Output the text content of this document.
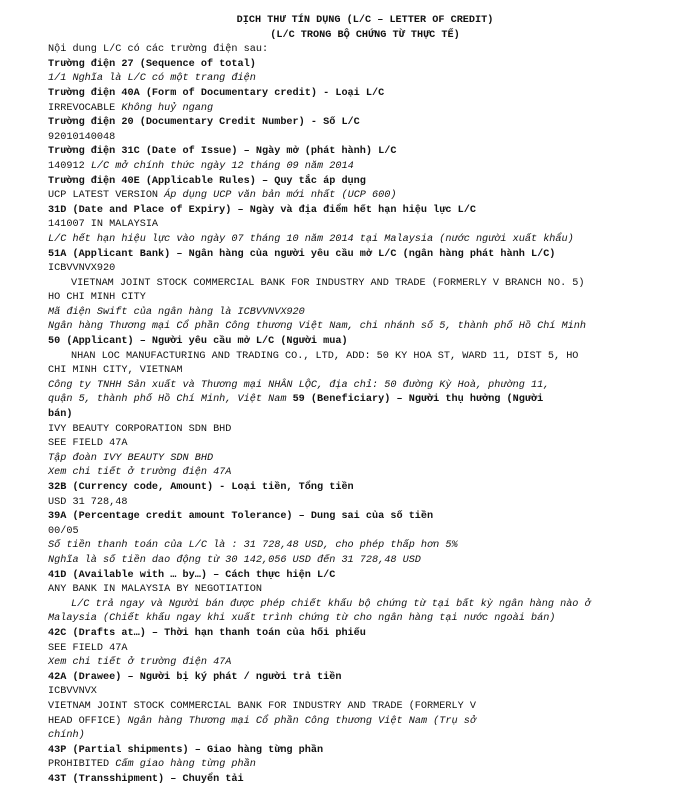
DỊCH THƯ TÍN DỤNG (L/C – LETTER OF CREDIT)
(L/C TRONG BỘ CHỨNG TỪ THỰC TẾ)
Nội dung L/C có các trường điện sau:
Trường điện 27 (Sequence of total)
1/1 Nghĩa là L/C có một trang điện
Trường điện 40A (Form of Documentary credit) - Loại L/C
IRREVOCABLE Không huỷ ngang
Trường điện 20 (Documentary Credit Number) - Số L/C
92010140048
Trường điện 31C (Date of Issue) – Ngày mở (phát hành) L/C
140912 L/C mở chính thức ngày 12 tháng 09 năm 2014
Trường điện 40E (Applicable Rules) – Quy tắc áp dụng
UCP LATEST VERSION Áp dụng UCP văn bản mới nhất (UCP 600)
31D (Date and Place of Expiry) – Ngày và địa điểm hết hạn hiệu lực L/C
141007 IN MALAYSIA
L/C hết hạn hiệu lực vào ngày 07 tháng 10 năm 2014 tại Malaysia (nước người xuất khẩu)
51A (Applicant Bank) – Ngân hàng của người yêu cầu mở L/C (ngân hàng phát hành L/C)
ICBVVNVX920
VIETNAM JOINT STOCK COMMERCIAL BANK FOR INDUSTRY AND TRADE (FORMERLY V BRANCH NO. 5)
HO CHI MINH CITY
Mã điện Swift của ngân hàng là ICBVVNVX920
Ngân hàng Thương mại Cổ phần Công thương Việt Nam, chi nhánh số 5, thành phố Hồ Chí Minh
50 (Applicant) – Người yêu cầu mở L/C (Người mua)
NHAN LOC MANUFACTURING AND TRADING CO., LTD, ADD: 50 KY HOA ST, WARD 11, DIST 5, HO
CHI MINH CITY, VIETNAM
Công ty TNHH Sản xuất và Thương mại NHÂN LỘC, địa chỉ: 50 đường Kỳ Hoà, phường 11,
quận 5, thành phố Hồ Chí Minh, Việt Nam 59 (Beneficiary) – Người thụ hưởng (Người
bán)
IVY BEAUTY CORPORATION SDN BHD
SEE FIELD 47A
Tập đoàn IVY BEAUTY SDN BHD
Xem chi tiết ở trường điện 47A
32B (Currency code, Amount) - Loại tiền, Tổng tiền
USD 31 728,48
39A (Percentage credit amount Tolerance) – Dung sai của số tiền
00/05
Số tiền thanh toán của L/C là : 31 728,48 USD, cho phép thấp hơn 5%
Nghĩa là số tiền dao động từ 30 142,056 USD đến 31 728,48 USD
41D (Available with … by…) – Cách thực hiện L/C
ANY BANK IN MALAYSIA BY NEGOTIATION
L/C trả ngay và Người bán được phép chiết khấu bộ chứng từ tại bất kỳ ngân hàng nào ở
Malaysia (Chiết khấu ngay khi xuất trình chứng từ cho ngân hàng tại nước ngoài bán)
42C (Drafts at…) – Thời hạn thanh toán của hối phiếu
SEE FIELD 47A
Xem chi tiết ở trường điện 47A
42A (Drawee) – Người bị ký phát / người trả tiền
ICBVVNVX
VIETNAM JOINT STOCK COMMERCIAL BANK FOR INDUSTRY AND TRADE (FORMERLY V
HEAD OFFICE) Ngân hàng Thương mại Cổ phần Công thương Việt Nam (Trụ sở
chính)
43P (Partial shipments) – Giao hàng từng phần
PROHIBITED Cấm giao hàng từng phần
43T (Transshipment) – Chuyển tải
